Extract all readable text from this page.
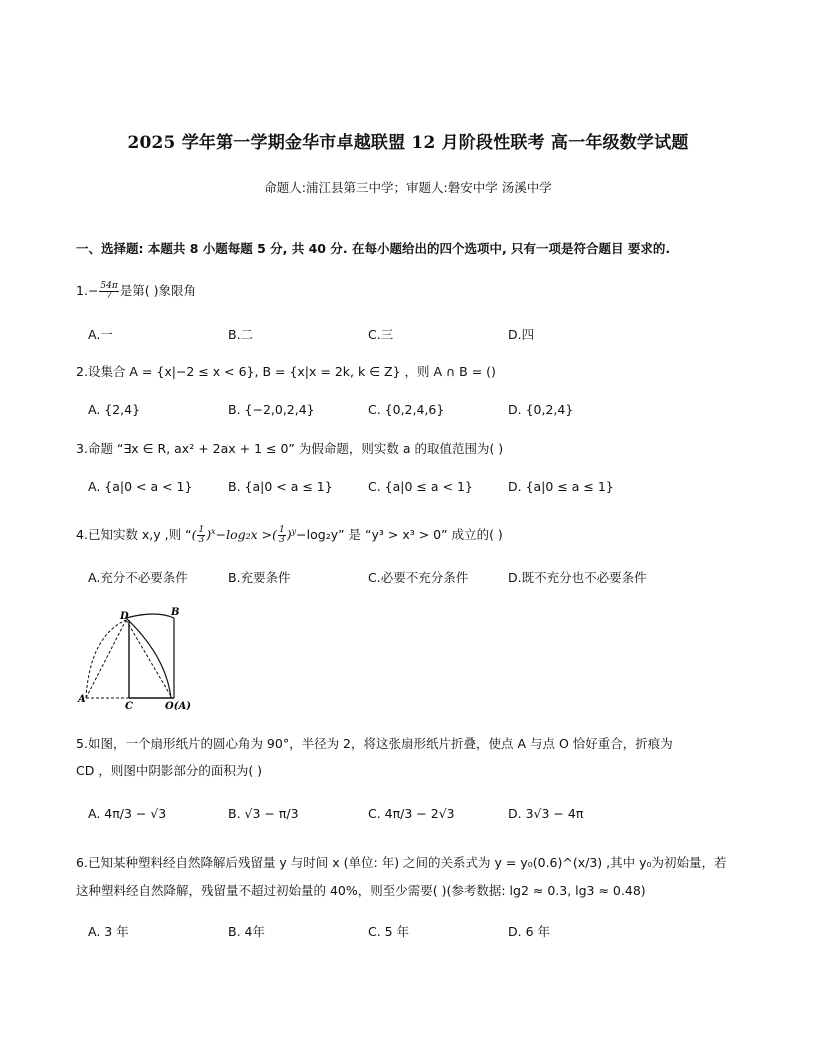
2025 学年第一学期金华市卓越联盟 12 月阶段性联考 高一年级数学试题
命题人:浦江县第三中学；审题人:磐安中学 汤溪中学
一、选择题: 本题共 8 小题每题 5 分, 共 40 分. 在每小题给出的四个选项中, 只有一项是符合题目 要求的.
$1.- \frac{54\pi}{7}$ 是第( )象限角
A.一	B.二	C.三	D.四
2.设集合 A = {x|−2 ≤ x < 6}, B = {x|x = 2k, k ∈ Z} ，则 A ∩ B = ()
A. {2,4}	B. {−2,0,2,4}	C. {0,2,4,6}	D. {0,2,4}
3.命题 “∃x ∈ R, ax² + 2ax + 1 ≤ 0” 为假命题，则实数 a 的取值范围为( )
A. {a|0 < a < 1}	B. {a|0 < a ≤ 1}	C. {a|0 ≤ a < 1}	D. {a|0 ≤ a ≤ 1}
4.已知实数 x,y ,则 “( $\frac{1}{3} )^x-\log_2x$ >( $\frac{1}{3} )^y-\log_2y$” 是 “y³ > x³ > 0” 成立的( )
A.充分不必要条件	B.充要条件	C.必要不充分条件	D.既不充分也不必要条件
D	B
A
C	O(A)
5.如图，一个扇形纸片的圆心角为 90°，半径为 2，将这张扇形纸片折叠，使点 A 与点 O 恰好重合，折痕为
CD ，则图中阴影部分的面积为( )
A. 4π/3 − √3	B. √3 − π/3	C. 4π/3 − 2√3	D. 3√3 − 4π
6.已知某种塑料经自然降解后残留量 y 与时间 x (单位: 年) 之间的关系式为 y = y₀(0.6)^(x/3) ,其中 y₀为初始量，若
这种塑料经自然降解，残留量不超过初始量的 40%，则至少需要( )(参考数据: lg2 ≈ 0.3, lg3 ≈ 0.48)
A. 3 年	B. 4年	C. 5 年	D. 6 年
